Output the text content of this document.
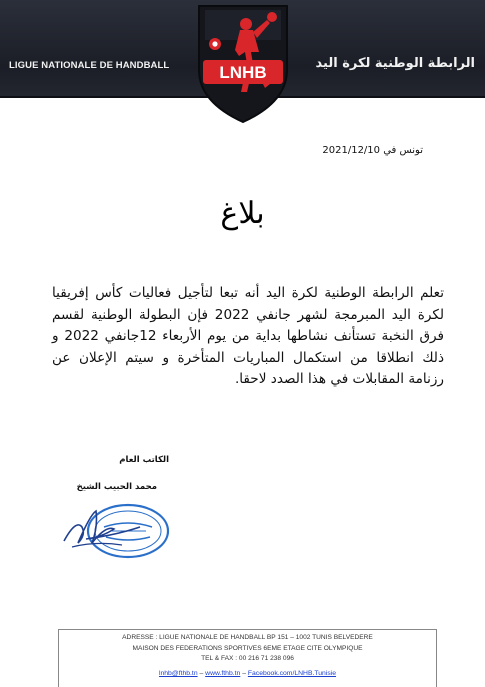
LIGUE NATIONALE DE HANDBALL	الرابطة الوطنية لكرة اليد
LNHB
تونس في 2021/12/10
بلاغ
تعلم الرابطة الوطنية لكرة اليد أنه تبعا لتأجيل فعاليات كأس إفريقيا لكرة اليد المبرمجة لشهر جانفي 2022 فإن البطولة الوطنية لقسم فرق النخبة تستأنف نشاطها بداية من يوم الأربعاء 12جانفي 2022 و ذلك انطلاقا من استكمال المباريات المتأخرة و سيتم الإعلان عن رزنامة المقابلات في هذا الصدد لاحقا.
الكاتب العام
محمد الحبيب الشيخ
ADRESSE : LIGUE NATIONALE DE HANDBALL BP 151 – 1002 TUNIS BELVEDERE
MAISON DES FEDERATIONS SPORTIVES 6EME ETAGE CITE OLYMPIQUE
TEL & FAX : 00 216 71 238 096
lnhb@fthb.tn – www.fthb.tn – Facebook.com/LNHB.Tunisie
